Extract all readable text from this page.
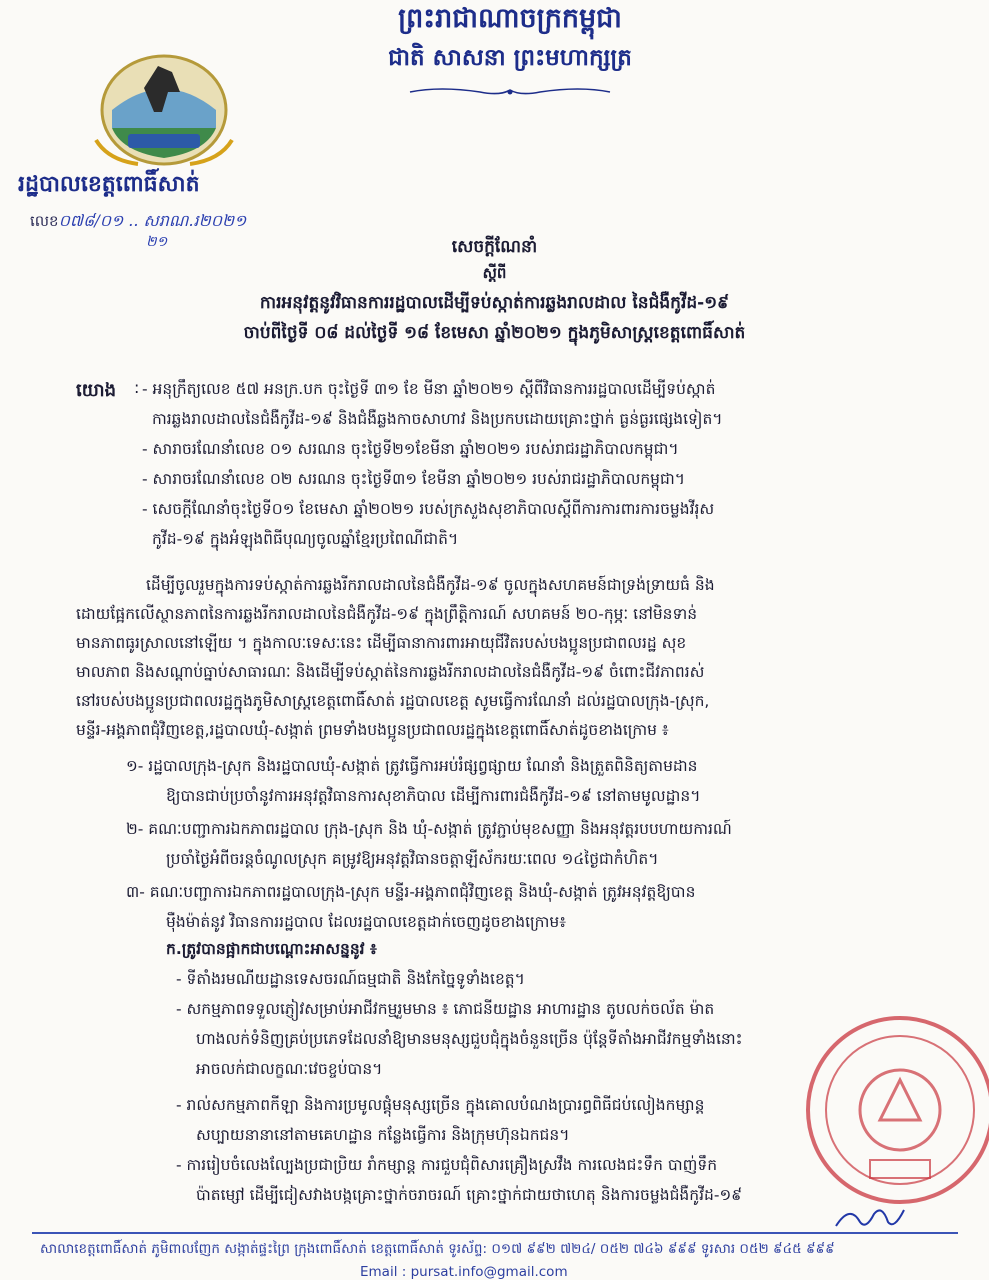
ព្រះរាជាណាចក្រកម្ពុជា
ជាតិ សាសនា ព្រះមហាក្សត្រ
រដ្ឋបាលខេត្តពោធិ៍សាត់
លេខ០៧៨/០១ .. សរាណ.រ២០២១
២១	សេចក្ដីណែនាំ
ស្ដីពី
ការអនុវត្តនូវវិធានការរដ្ឋបាលដើម្បីទប់ស្កាត់ការឆ្លងរាលដាល នៃជំងឺកូវីដ-១៩
ចាប់ពីថ្ងៃទី ០៨ ដល់ថ្ងៃទី ១៨ ខែមេសា ឆ្នាំ២០២១ ក្នុងភូមិសាស្ត្រខេត្តពោធិ៍សាត់
យោង : - អនុក្រឹត្យលេខ ៥៧ អនក្រ.បក ចុះថ្ងៃទី ៣១ ខែ មីនា ឆ្នាំ២០២១ ស្ដីពីវិធានការរដ្ឋបាលដើម្បីទប់ស្កាត់
ការឆ្លងរាលដាលនៃជំងឺកូវីដ-១៩ និងជំងឺឆ្លងកាចសាហាវ និងប្រកបដោយគ្រោះថ្នាក់ ធ្ងន់ធ្ងរផ្សេងទៀត។
- សារាចរណែនាំលេខ ០១ សរណន ចុះថ្ងៃទី២១ខែមីនា ឆ្នាំ២០២១ របស់រាជរដ្ឋាភិបាលកម្ពុជា។
- សារាចរណែនាំលេខ ០២ សរណន ចុះថ្ងៃទី៣១ ខែមីនា ឆ្នាំ២០២១ របស់រាជរដ្ឋាភិបាលកម្ពុជា។
- សេចក្ដីណែនាំចុះថ្ងៃទី០១ ខែមេសា ឆ្នាំ២០២១ របស់ក្រសួងសុខាភិបាលស្ដីពីការការពារការចម្លងវីរុស
កូវីដ-១៩ ក្នុងអំឡុងពិធីបុណ្យចូលឆ្នាំខ្មែរប្រពៃណីជាតិ។
ដើម្បីចូលរួមក្នុងការទប់ស្កាត់ការឆ្លងរីករាលដាលនៃជំងឺកូវីដ-១៩ ចូលក្នុងសហគមន៍ជាទ្រង់ទ្រាយធំ និង
ដោយផ្អែកលើស្ថានភាពនៃការឆ្លងរីករាលដាលនៃជំងឺកូវីដ-១៩ ក្នុងព្រឹត្តិការណ៍ សហគមន៍ ២០-កុម្ភៈ នៅមិនទាន់
មានភាពធូរស្រាលនៅឡើយ ។ ក្នុងកាលៈទេសៈនេះ ដើម្បីធានាការពារអាយុជីវិតរបស់បងប្អូនប្រជាពលរដ្ឋ សុខ
មាលភាព និងសណ្ដាប់ធ្នាប់សាធារណៈ និងដើម្បីទប់ស្កាត់នៃការឆ្លងរីករាលដាលនៃជំងឺកូវីដ-១៩ ចំពោះជីវភាពរស់
នៅរបស់បងប្អូនប្រជាពលរដ្ឋក្នុងភូមិសាស្ត្រខេត្តពោធិ៍សាត់ រដ្ឋបាលខេត្ត សូមធ្វើការណែនាំ ដល់រដ្ឋបាលក្រុង-ស្រុក,
មន្ទីរ-អង្គភាពជុំវិញខេត្ត,រដ្ឋបាលឃុំ-សង្កាត់ ព្រមទាំងបងប្អូនប្រជាពលរដ្ឋក្នុងខេត្តពោធិ៍សាត់ដូចខាងក្រោម ៖
១- រដ្ឋបាលក្រុង-ស្រុក និងរដ្ឋបាលឃុំ-សង្កាត់ ត្រូវធ្វើការអប់រំផ្សព្វផ្សាយ ណែនាំ និងត្រួតពិនិត្យតាមដាន
ឱ្យបានជាប់ប្រចាំនូវការអនុវត្តវិធានការសុខាភិបាល ដើម្បីការពារជំងឺកូវីដ-១៩ នៅតាមមូលដ្ឋាន។
២- គណៈបញ្ជាការឯកភាពរដ្ឋបាល ក្រុង-ស្រុក និង ឃុំ-សង្កាត់ ត្រូវភ្ជាប់មុខសញ្ញា និងអនុវត្តរបបហាយការណ៍
ប្រចាំថ្ងៃអំពីចរន្តចំណូលស្រុក គម្រូវឱ្យអនុវត្តវិធានចត្តាឡីស័ករយៈពេល ១៤ថ្ងៃជាកំហិត។
៣- គណៈបញ្ជាការឯកភាពរដ្ឋបាលក្រុង-ស្រុក មន្ទីរ-អង្គភាពជុំវិញខេត្ត និងឃុំ-សង្កាត់ ត្រូវអនុវត្តឱ្យបាន
ម៉ឺងម៉ាត់នូវ វិធានការរដ្ឋបាល ដែលរដ្ឋបាលខេត្តដាក់ចេញដូចខាងក្រោម៖
ក.ត្រូវបានផ្អាកជាបណ្ដោះអាសន្ននូវ ៖
- ទីតាំងរមណីយដ្ឋានទេសចរណ៍ធម្មជាតិ និងកែច្នៃទូទាំងខេត្ត។
- សកម្មភាពទទួលភ្ញៀវសម្រាប់អាជីវកម្មរួមមាន ៖ ភោជនីយដ្ឋាន អាហារដ្ឋាន តូបលក់ចល័ត ម៉ាត
ហាងលក់ទំនិញគ្រប់ប្រភេទដែលនាំឱ្យមានមនុស្សជួបជុំក្នុងចំនួនច្រើន ប៉ុន្តែទីតាំងអាជីវកម្មទាំងនោះ
អាចលក់ជាលក្ខណៈវេចខ្ចប់បាន។
- រាល់សកម្មភាពកីឡា និងការប្រមូលផ្ដុំមនុស្សច្រើន ក្នុងគោលបំណងប្រារព្ធពិធីជប់លៀងកម្សាន្ត
សប្បាយនានានៅតាមគេហដ្ឋាន កន្លែងធ្វើការ និងក្រុមហ៊ុនឯកជន។
- ការរៀបចំលេងល្បែងប្រជាប្រិយ រាំកម្សាន្ត ការជួបជុំពិសារគ្រឿងស្រវឹង ការលេងជះទឹក បាញ់ទឹក
ប៉ាតម្សៅ ដើម្បីជៀសវាងបង្កគ្រោះថ្នាក់ចរាចរណ៍ គ្រោះថ្នាក់ជាយថាហេតុ និងការចម្លងជំងឺកូវីដ-១៩
សាលាខេត្តពោធិ៍សាត់ ភូមិពាលញែក សង្កាត់ផ្ទះព្រៃ ក្រុងពោធិ៍សាត់ ខេត្តពោធិ៍សាត់ ទូរស័ព្ទ: ០១៧ ៩៩២ ៧២៤/ ០៥២ ៧៤៦ ៩៩៩ ទូរសារ ០៥២ ៩៤៥ ៩៩៩
Email : pursat.info@gmail.com
